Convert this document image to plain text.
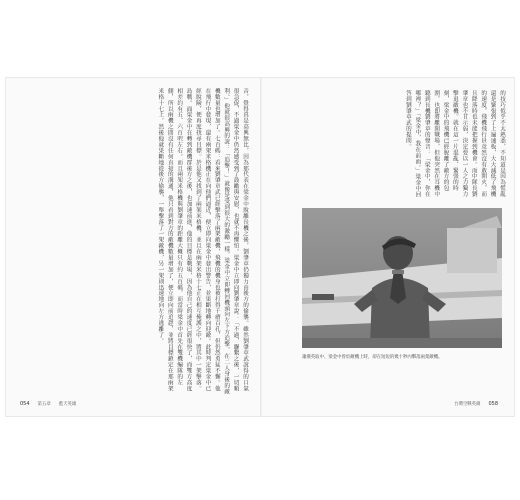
音，覺得真是高興無比，因為那代表在梁金中脫離長機之後，劉肇章仍獨力由後方的偷襲。雖然劉肇章武說得的口氣很急促，不過梁金中仍然感受到了鼓勵與安慰，也就不再懼怕。梁金中立即向劉肇章說：「不過，聯繫之後，一切順利。」他就很高興的說：「追擊！」就像是受到很大的激勵一樣，梁金中立即轉回機頭向左下方追擊，在二人身後的敵機數量也增加了。七百碼：看來劉肇章武已經擊落了兩架敵機，飛機的機身也被打得千瘡百孔，但仍然勇猛不懈。他在飛行中發現，還有兩架米格機正在向他們逼近，便立即向梁金中發出警告，並果斷地轉向迎敵。此時判定梁金中已經脫險，便再度找尋目標。於是他又找到了兩架米格機，並且在兩架米格十七正在相互掩護之中，將其中一架擊落。島戰。面梁金中在轉到敵機群後方之後，也加速前進，他的目標是戰場，因為他自己的速度已經很快了，而雙方高度相差約有五、六百呎左右。而且兩架米格機與劉肇章的距離大概只有約五百碼，而當時梁金中首先在雙機編隊的左側，所以兩機之間沒有任何直接的溝通，他只看到對方的敵機數量增加了，便立即向前追趕，並將目標鎖定在那兩架米格十七上。然後他就果斷地從後方偷襲，一舉擊落了一架敵機，另一架則迅速地向左方逃離了。
054 第五章 藍天英雄
的技巧似乎不太熟悉，不知道是因為慌亂還是緊張到了上遍速板，大大減低了飛機的速度，飛機飛行員竟然沒有敢開火，而且降落時也未能把握到機會。而中隊長劉肇章也不甘示弱，決定要以一人之力獨力擊退敵機。就在這一片混亂、緊張的時刻，梁金中的飛機已經脫離了敵方的包圍，也即將離開戰場，但他突然在耳機中聽到長機劉肇章的聲音：「梁金中，你在哪裡？」「梁金中，我在前面。」梁金中回答到劉肇章武的提問。
蕭漢英取中、梁金中曾於敵機上時，卻在短短的幾十秒內擊落兩架敵機。
台灣空戰英雄 058
